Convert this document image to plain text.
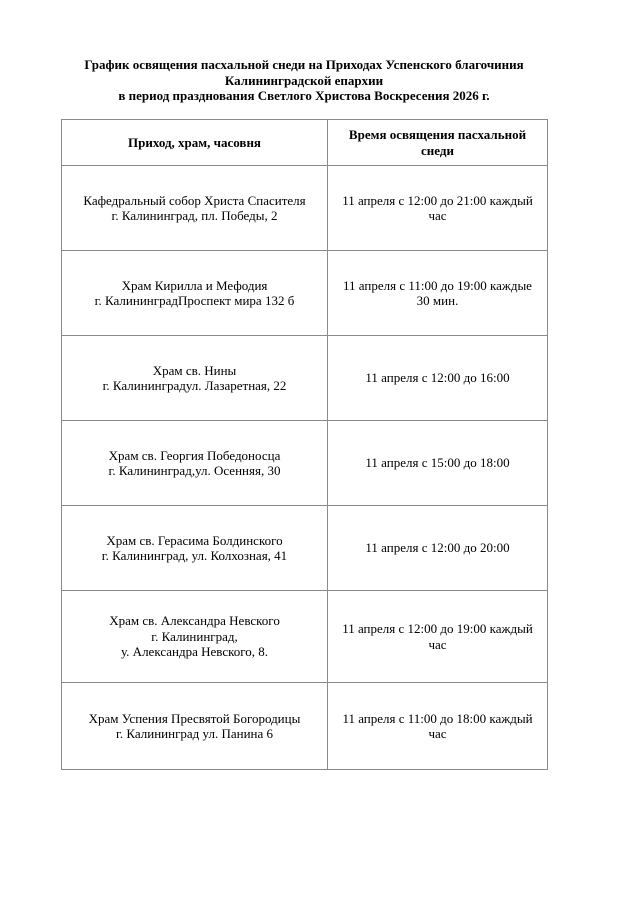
График освящения пасхальной снеди на Приходах Успенского благочиния
Калининградской епархии
в период празднования Светлого Христова Воскресения 2026 г.
Приход, храм, часовня	Время освящения пасхальной снеди

Кафедральный собор Христа Спасителя
г. Калининград, пл. Победы, 2	11 апреля с 12:00 до 21:00 каждый час

Храм Кирилла и Мефодия
г. КалининградПроспект мира 132 б	11 апреля с 11:00 до 19:00 каждые 30 мин.

Храм св. Нины
г. Калининградул. Лазаретная, 22	11 апреля с 12:00 до 16:00

Храм св. Георгия Победоносца
г. Калининград,ул. Осенняя, 30	11 апреля с 15:00 до 18:00

Храм св. Герасима Болдинского
г. Калининград, ул. Колхозная, 41	11 апреля с 12:00 до 20:00

Храм св. Александра Невского
г. Калининград,
у. Александра Невского, 8.	11 апреля с 12:00 до 19:00 каждый час

Храм Успения Пресвятой Богородицы
г. Калининград ул. Панина 6	11 апреля с 11:00 до 18:00 каждый час
